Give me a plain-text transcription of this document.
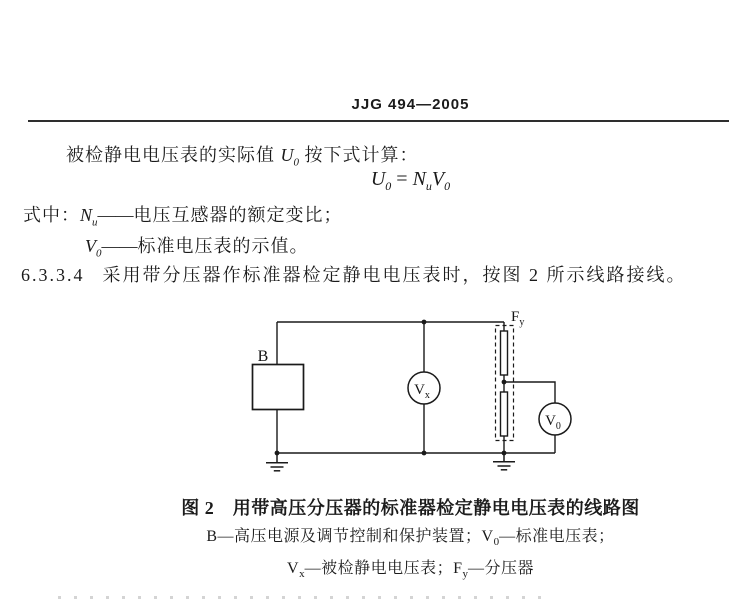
JJG 494—2005
被检静电电压表的实际值 $U_0$ 按下式计算：
$U_0 = N_uV_0$
式中：$N_u——$电压互感器的额定变比；
$V_0——$标准电压表的示值。
6.3.3.4 采用带分压器作标准器检定静电电压表时，按图 2 所示线路接线。
B
$V_x$
$V_0$
$F_y$
图 2　用带高压分压器的标准器检定静电电压表的线路图
B—高压电源及调节控制和保护装置；$V_0—$标准电压表；
$V_x—$被检静电电压表；$F_y—$分压器
